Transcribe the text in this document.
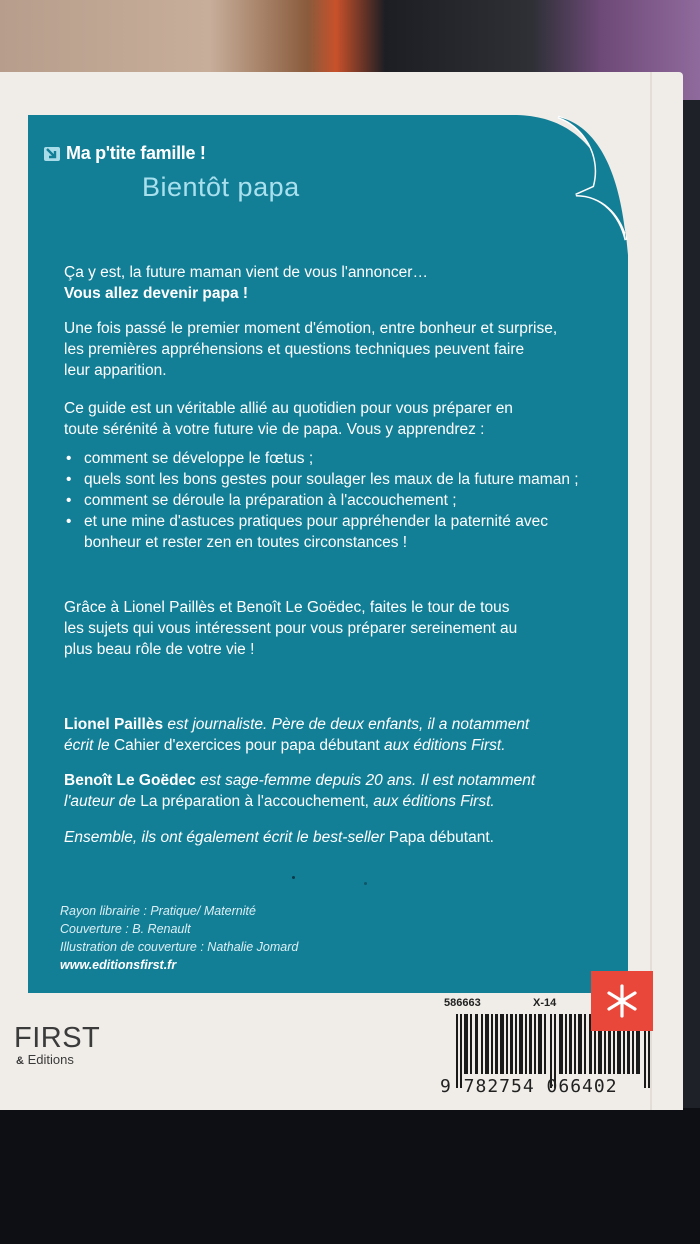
Ma p'tite famille !
Bientôt papa
Ça y est, la future maman vient de vous l'annoncer…
Vous allez devenir papa !
Une fois passé le premier moment d'émotion, entre bonheur et surprise,
les premières appréhensions et questions techniques peuvent faire
leur apparition.
Ce guide est un véritable allié au quotidien pour vous préparer en
toute sérénité à votre future vie de papa. Vous y apprendrez :
• comment se développe le fœtus ;
• quels sont les bons gestes pour soulager les maux de la future maman ;
• comment se déroule la préparation à l'accouchement ;
• et une mine d'astuces pratiques pour appréhender la paternité avec bonheur et rester zen en toutes circonstances !
Grâce à Lionel Paillès et Benoît Le Goëdec, faites le tour de tous
les sujets qui vous intéressent pour vous préparer sereinement au
plus beau rôle de votre vie !
Lionel Paillès est journaliste. Père de deux enfants, il a notamment
écrit le Cahier d'exercices pour papa débutant aux éditions First.
Benoît Le Goëdec est sage-femme depuis 20 ans. Il est notamment
l'auteur de La préparation à l'accouchement, aux éditions First.
Ensemble, ils ont également écrit le best-seller Papa débutant.
Rayon librairie : Pratique/ Maternité
Couverture : B. Renault
Illustration de couverture : Nathalie Jomard
www.editionsfirst.fr
FIRST
& Editions
586663	X-14
9 782754 066402
